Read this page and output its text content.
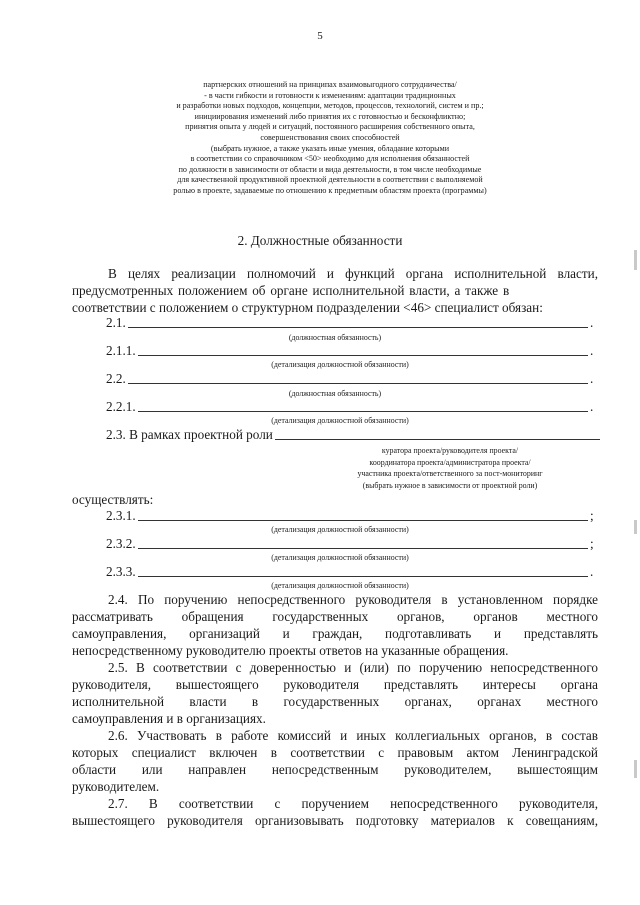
5
партнерских отношений на принципах взаимовыгодного сотрудничества/
- в части гибкости и готовности к изменениям: адаптации традиционных
и разработки новых подходов, концепции, методов, процессов, технологий, систем и пр.;
инициирования изменений либо принятия их с готовностью и бесконфликтно;
принятия опыта у людей и ситуаций, постоянного расширения собственного опыта,
совершенствования своих способностей
(выбрать нужное, а также указать иные умения, обладание которыми
в соответствии со справочником <50> необходимо для исполнения обязанностей
по должности в зависимости от области и вида деятельности, в том числе необходимые
для качественной продуктивной проектной деятельности в соответствии с выполняемой
ролью в проекте, задаваемые по отношению к предметным областям проекта (программы)
2. Должностные обязанности
В целях реализации полномочий и функций органа исполнительной власти,
предусмотренных положением об органе исполнительной власти, а также в
соответствии с положением о структурном подразделении <46> специалист обязан:
2.1.	.
(должностная обязанность)
2.1.1.	.
(детализация должностной обязанности)
2.2.	.
(должностная обязанность)
2.2.1.	.
(детализация должностной обязанности)
2.3. В рамках проектной роли
куратора проекта/руководителя проекта/
координатора проекта/администратора проекта/
участника проекта/ответственного за пост-мониторинг
(выбрать нужное в зависимости от проектной роли)
осуществлять:
2.3.1.	;
(детализация должностной обязанности)
2.3.2.	;
(детализация должностной обязанности)
2.3.3.	.
(детализация должностной обязанности)
2.4. По поручению непосредственного руководителя в установленном порядке
рассматривать обращения государственных органов, органов местного
самоуправления, организаций и граждан, подготавливать и представлять
непосредственному руководителю проекты ответов на указанные обращения.
2.5. В соответствии с доверенностью и (или) по поручению непосредственного
руководителя, вышестоящего руководителя представлять интересы органа
исполнительной власти в государственных органах, органах местного
самоуправления и в организациях.
2.6. Участвовать в работе комиссий и иных коллегиальных органов, в состав
которых специалист включен в соответствии с правовым актом Ленинградской
области или направлен непосредственным руководителем, вышестоящим
руководителем.
2.7. В соответствии с поручением непосредственного руководителя,
вышестоящего руководителя организовывать подготовку материалов к совещаниям,
